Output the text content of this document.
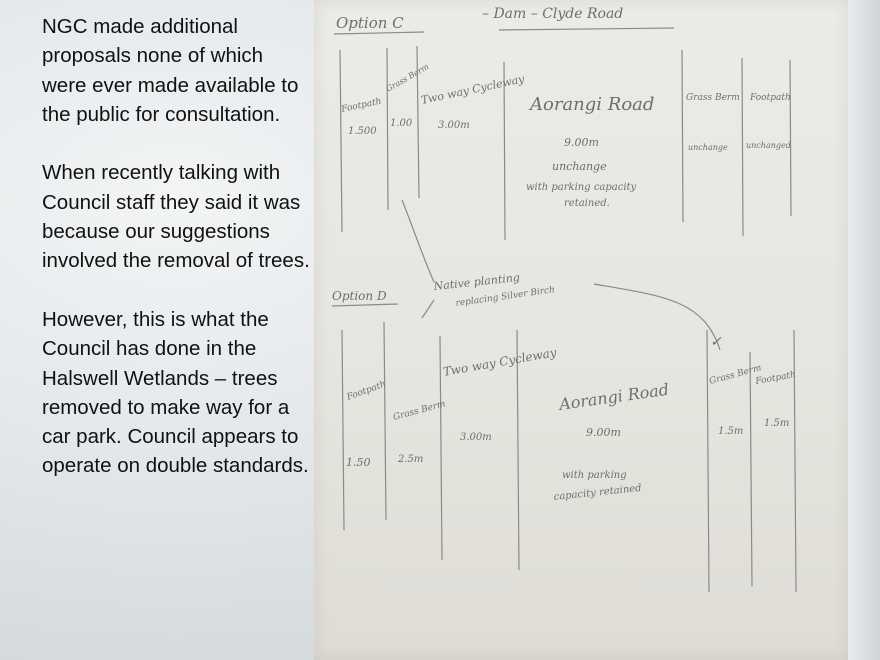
NGC made additional proposals none of which were ever made available to the public for consultation.

When recently talking with Council staff they said it was because our suggestions involved the removal of trees.

However, this is what the Council has done in the Halswell Wetlands – trees removed to make way for a car park. Council appears to operate on double standards.

Option C	– Dam – Clyde Road
Footpath
1.500
Grass Berm
1.00
Two way Cycleway
3.00m
Aorangi Road
9.00m
unchange
with parking capacity
retained.
Grass Berm Footpath
unchange unchanged
Option D
Native planting
replacing Silver Birch
Footpath
1.50
Grass Berm
2.5m
Two way Cycleway
3.00m
Aorangi Road
9.00m
with parking
capacity retained
✓
Grass Berm
1.5m
Footpath
1.5m
